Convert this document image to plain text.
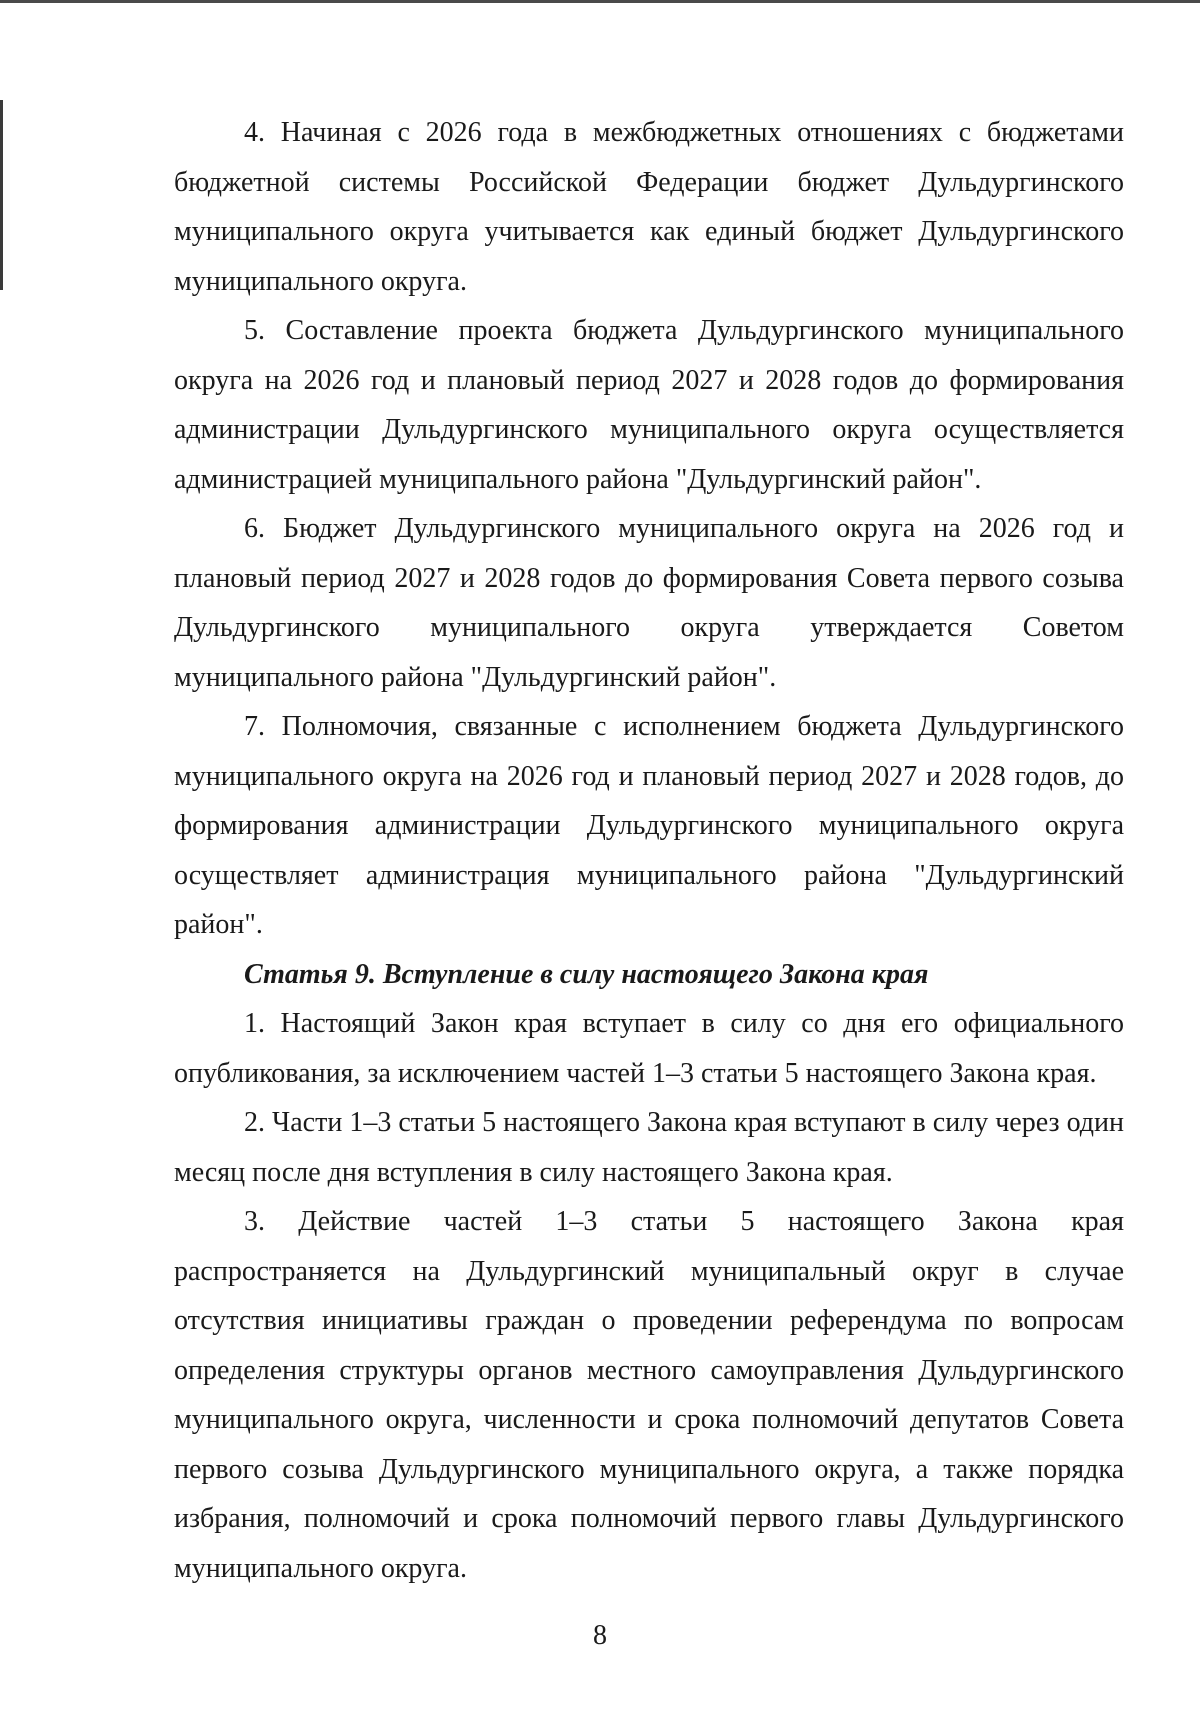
4. Начиная с 2026 года в межбюджетных отношениях с бюджетами бюджетной системы Российской Федерации бюджет Дульдургинского муниципального округа учитывается как единый бюджет Дульдургинского муниципального округа.

5. Составление проекта бюджета Дульдургинского муниципального округа на 2026 год и плановый период 2027 и 2028 годов до формирования администрации Дульдургинского муниципального округа осуществляется администрацией муниципального района "Дульдургинский район".

6. Бюджет Дульдургинского муниципального округа на 2026 год и плановый период 2027 и 2028 годов до формирования Совета первого созыва Дульдургинского муниципального округа утверждается Советом муниципального района "Дульдургинский район".

7. Полномочия, связанные с исполнением бюджета Дульдургинского муниципального округа на 2026 год и плановый период 2027 и 2028 годов, до формирования администрации Дульдургинского муниципального округа осуществляет администрация муниципального района "Дульдургинский район".

Статья 9. Вступление в силу настоящего Закона края

1. Настоящий Закон края вступает в силу со дня его официального опубликования, за исключением частей 1–3 статьи 5 настоящего Закона края.

2. Части 1–3 статьи 5 настоящего Закона края вступают в силу через один месяц после дня вступления в силу настоящего Закона края.

3. Действие частей 1–3 статьи 5 настоящего Закона края распространяется на Дульдургинский муниципальный округ в случае отсутствия инициативы граждан о проведении референдума по вопросам определения структуры органов местного самоуправления Дульдургинского муниципального округа, численности и срока полномочий депутатов Совета первого созыва Дульдургинского муниципального округа, а также порядка избрания, полномочий и срока полномочий первого главы Дульдургинского муниципального округа.

8
